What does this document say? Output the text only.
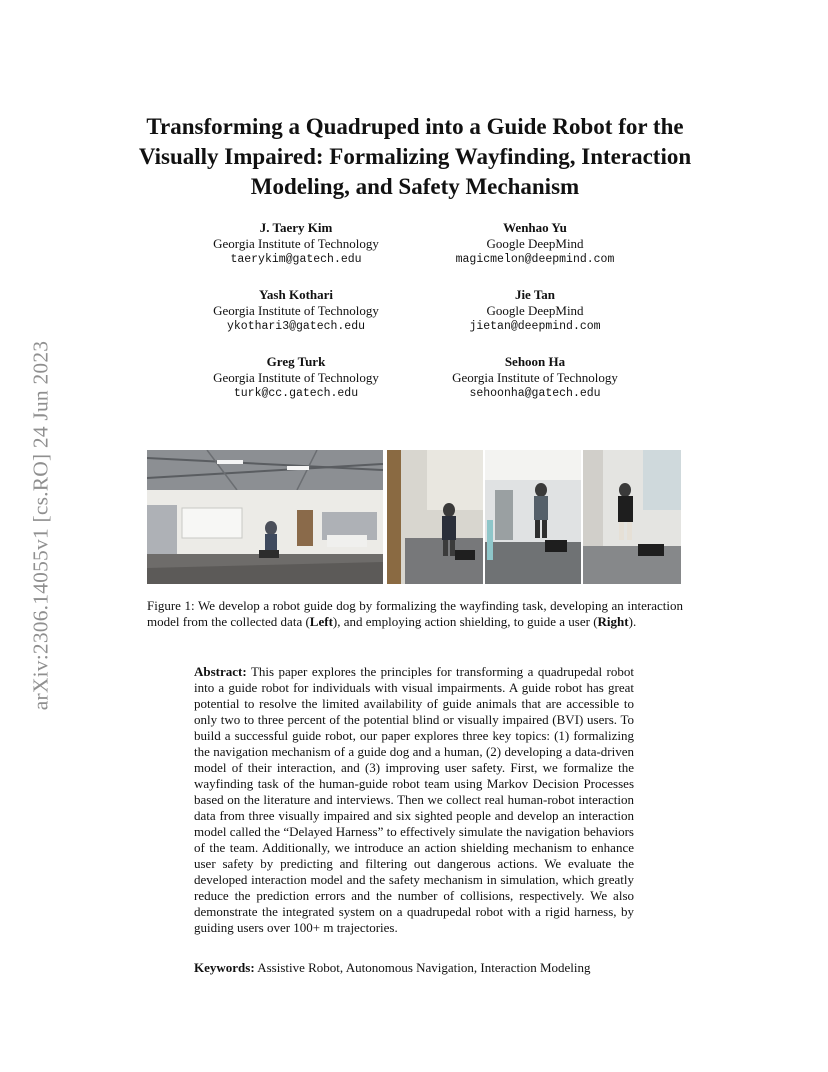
arXiv:2306.14055v1 [cs.RO] 24 Jun 2023
Transforming a Quadruped into a Guide Robot for the Visually Impaired: Formalizing Wayfinding, Interaction Modeling, and Safety Mechanism
J. Taery Kim
Georgia Institute of Technology
taerykim@gatech.edu
Wenhao Yu
Google DeepMind
magicmelon@deepmind.com
Yash Kothari
Georgia Institute of Technology
ykothari3@gatech.edu
Jie Tan
Google DeepMind
jietan@deepmind.com
Greg Turk
Georgia Institute of Technology
turk@cc.gatech.edu
Sehoon Ha
Georgia Institute of Technology
sehoonha@gatech.edu

Figure 1: We develop a robot guide dog by formalizing the wayfinding task, developing an interaction model from the collected data (Left), and employing action shielding, to guide a user (Right).

Abstract: This paper explores the principles for transforming a quadrupedal robot into a guide robot for individuals with visual impairments. A guide robot has great potential to resolve the limited availability of guide animals that are accessible to only two to three percent of the potential blind or visually impaired (BVI) users. To build a successful guide robot, our paper explores three key topics: (1) formalizing the navigation mechanism of a guide dog and a human, (2) developing a data-driven model of their interaction, and (3) improving user safety. First, we formalize the wayfinding task of the human-guide robot team using Markov Decision Processes based on the literature and interviews. Then we collect real human-robot interaction data from three visually impaired and six sighted people and develop an interaction model called the “Delayed Harness” to effectively simulate the navigation behaviors of the team. Additionally, we introduce an action shielding mechanism to enhance user safety by predicting and filtering out dangerous actions. We evaluate the developed interaction model and the safety mechanism in simulation, which greatly reduce the prediction errors and the number of collisions, respectively. We also demonstrate the integrated system on a quadrupedal robot with a rigid harness, by guiding users over 100+ m trajectories.

Keywords: Assistive Robot, Autonomous Navigation, Interaction Modeling
